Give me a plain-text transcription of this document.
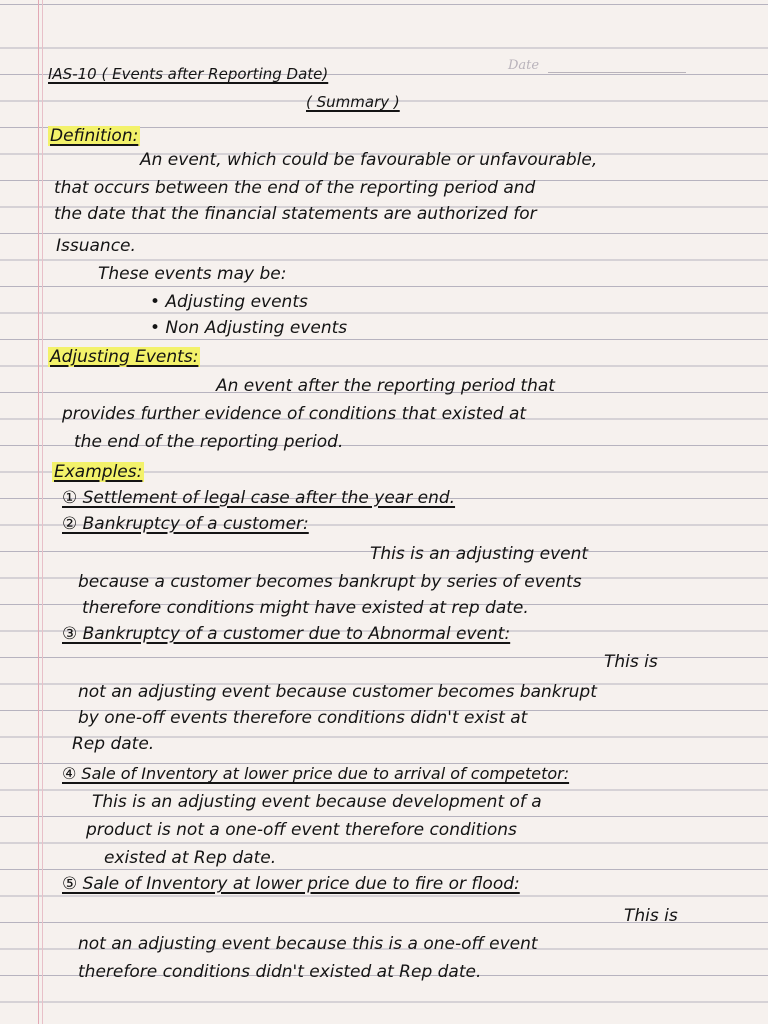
Date
IAS-10 ( Events after Reporting Date)
( Summary )
Definition:
An event, which could be favourable or unfavourable,
that occurs between the end of the reporting period and
the date that the financial statements are authorized for
Issuance.
These events may be:
• Adjusting events
• Non Adjusting events
Adjusting Events:
An event after the reporting period that
provides further evidence of conditions that existed at
the end of the reporting period.
Examples:
① Settlement of legal case after the year end.
② Bankruptcy of a customer:
This is an adjusting event
because a customer becomes bankrupt by series of events
therefore conditions might have existed at rep date.
③ Bankruptcy of a customer due to Abnormal event:
This is
not an adjusting event because customer becomes bankrupt
by one-off events therefore conditions didn't exist at
Rep date.
④ Sale of Inventory at lower price due to arrival of competetor:
This is an adjusting event because development of a
product is not a one-off event therefore conditions
existed at Rep date.
⑤ Sale of Inventory at lower price due to fire or flood:
This is
not an adjusting event because this is a one-off event
therefore conditions didn't existed at Rep date.
